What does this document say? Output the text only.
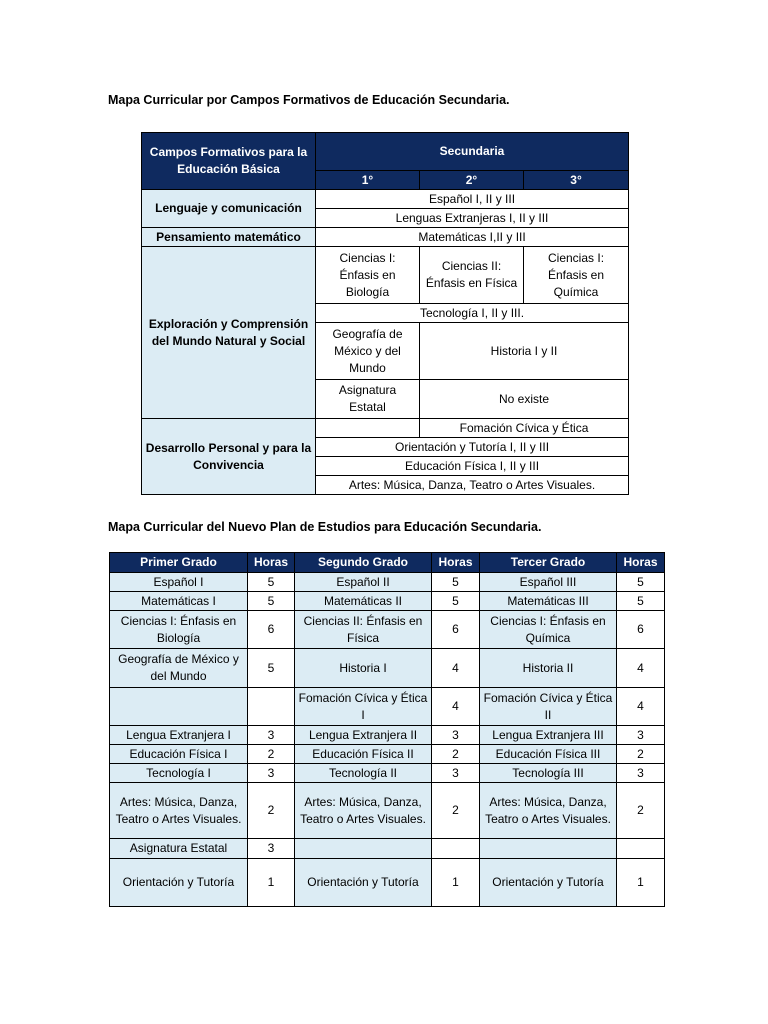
Mapa Curricular por Campos Formativos de Educación Secundaria.
Campos Formativos para la Educación Básica	Secundaria		
	1°	2°	3°
Lenguaje y comunicación	Español I, II y III		
	Lenguas Extranjeras I, II y III		
Pensamiento matemático	Matemáticas I,II y III		
Exploración y Comprensión del Mundo Natural y Social	Ciencias I: Énfasis en Biología	Ciencias II: Énfasis en Física	Ciencias I: Énfasis en Química
	Tecnología I, II y III.		
	Geografía de México y del Mundo	Historia I y II	
	Asignatura Estatal	No existe	
Desarrollo Personal y para la Convivencia		Fomación Cívica y Ética	
	Orientación y Tutoría I, II y III		
	Educación Física I, II y III		
	Artes: Música, Danza, Teatro o Artes Visuales.		
Mapa Curricular del Nuevo Plan de Estudios para Educación Secundaria.
Primer Grado	Horas	Segundo Grado	Horas	Tercer Grado	Horas
Español I	5	Español II	5	Español III	5
Matemáticas I	5	Matemáticas II	5	Matemáticas III	5
Ciencias I: Énfasis en Biología	6	Ciencias II: Énfasis en Física	6	Ciencias I: Énfasis en Química	6
Geografía de México y del Mundo	5	Historia I	4	Historia II	4
		Fomación Cívica y Ética I	4	Fomación Cívica y Ética II	4
Lengua Extranjera I	3	Lengua Extranjera II	3	Lengua Extranjera III	3
Educación Física I	2	Educación Física II	2	Educación Física III	2
Tecnología I	3	Tecnología II	3	Tecnología III	3
Artes: Música, Danza, Teatro o Artes Visuales.	2	Artes: Música, Danza, Teatro o Artes Visuales.	2	Artes: Música, Danza, Teatro o Artes Visuales.	2
Asignatura Estatal	3				
Orientación y Tutoría	1	Orientación y Tutoría	1	Orientación y Tutoría	1
